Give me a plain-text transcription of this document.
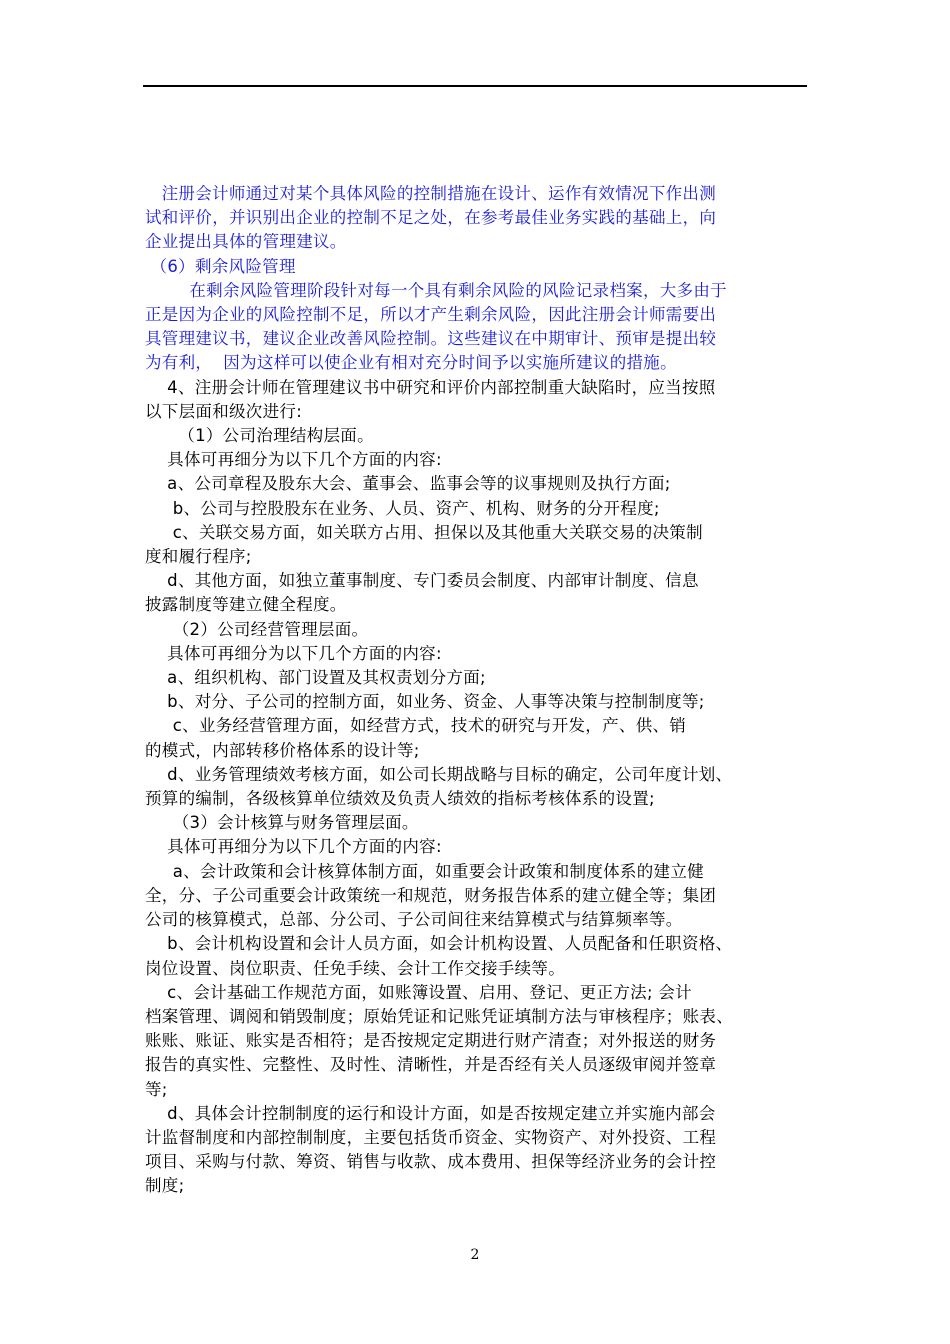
注册会计师通过对某个具体风险的控制措施在设计、运作有效情况下作出测

试和评价，并识别出企业的控制不足之处，在参考最佳业务实践的基础上，向

企业提出具体的管理建议。

（6）剩余风险管理

在剩余风险管理阶段针对每一个具有剩余风险的风险记录档案，大多由于

正是因为企业的风险控制不足，所以才产生剩余风险，因此注册会计师需要出

具管理建议书，建议企业改善风险控制。这些建议在中期审计、预审是提出较

为有利，  因为这样可以使企业有相对充分时间予以实施所建议的措施。

4、注册会计师在管理建议书中研究和评价内部控制重大缺陷时，应当按照

以下层面和级次进行:

（1）公司治理结构层面。

具体可再细分为以下几个方面的内容:

a、公司章程及股东大会、董事会、监事会等的议事规则及执行方面;

b、公司与控股股东在业务、人员、资产、机构、财务的分开程度;

c、关联交易方面，如关联方占用、担保以及其他重大关联交易的决策制

度和履行程序;

d、其他方面，如独立董事制度、专门委员会制度、内部审计制度、信息

披露制度等建立健全程度。

（2）公司经营管理层面。

具体可再细分为以下几个方面的内容:

a、组织机构、部门设置及其权责划分方面;

b、对分、子公司的控制方面，如业务、资金、人事等决策与控制制度等;

c、业务经营管理方面，如经营方式，技术的研究与开发，产、供、销

的模式，内部转移价格体系的设计等;

d、业务管理绩效考核方面，如公司长期战略与目标的确定，公司年度计划、

预算的编制，各级核算单位绩效及负责人绩效的指标考核体系的设置;

（3）会计核算与财务管理层面。

具体可再细分为以下几个方面的内容:

a、会计政策和会计核算体制方面，如重要会计政策和制度体系的建立健

全，分、子公司重要会计政策统一和规范，财务报告体系的建立健全等；集团

公司的核算模式，总部、分公司、子公司间往来结算模式与结算频率等。

b、会计机构设置和会计人员方面，如会计机构设置、人员配备和任职资格、

岗位设置、岗位职责、任免手续、会计工作交接手续等。

c、会计基础工作规范方面，如账簿设置、启用、登记、更正方法; 会计

档案管理、调阅和销毁制度；原始凭证和记账凭证填制方法与审核程序；账表、

账账、账证、账实是否相符；是否按规定定期进行财产清查；对外报送的财务

报告的真实性、完整性、及时性、清晰性，并是否经有关人员逐级审阅并签章

等;

d、具体会计控制制度的运行和设计方面，如是否按规定建立并实施内部会

计监督制度和内部控制制度，主要包括货币资金、实物资产、对外投资、工程

项目、采购与付款、筹资、销售与收款、成本费用、担保等经济业务的会计控

制度;

2
